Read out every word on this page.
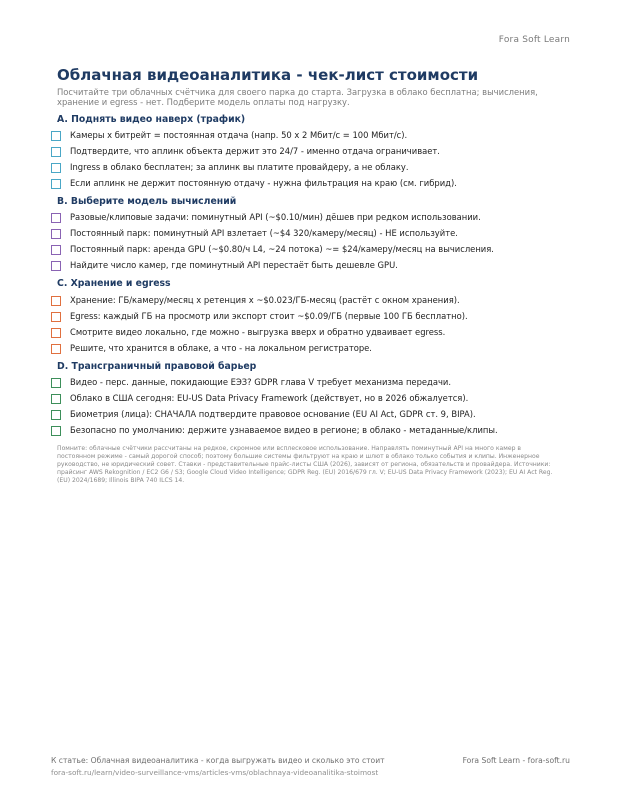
Fora Soft Learn
Облачная видеоаналитика - чек-лист стоимости

Посчитайте три облачных счётчика для своего парка до старта. Загрузка в облако бесплатна; вычисления, хранение и egress - нет. Подберите модель оплаты под нагрузку.

A. Поднять видео наверх (трафик)
Камеры x битрейт = постоянная отдача (напр. 50 x 2 Мбит/с = 100 Мбит/с).
Подтвердите, что аплинк объекта держит это 24/7 - именно отдача ограничивает.
Ingress в облако бесплатен; за аплинк вы платите провайдеру, а не облаку.
Если аплинк не держит постоянную отдачу - нужна фильтрация на краю (см. гибрид).
B. Выберите модель вычислений
Разовые/клиповые задачи: поминутный API (~$0.10/мин) дёшев при редком использовании.
Постоянный парк: поминутный API взлетает (~$4 320/камеру/месяц) - НЕ используйте.
Постоянный парк: аренда GPU (~$0.80/ч L4, ~24 потока) ~= $24/камеру/месяц на вычисления.
Найдите число камер, где поминутный API перестаёт быть дешевле GPU.
C. Хранение и egress
Хранение: ГБ/камеру/месяц x ретенция x ~$0.023/ГБ-месяц (растёт с окном хранения).
Egress: каждый ГБ на просмотр или экспорт стоит ~$0.09/ГБ (первые 100 ГБ бесплатно).
Смотрите видео локально, где можно - выгрузка вверх и обратно удваивает egress.
Решите, что хранится в облаке, а что - на локальном регистраторе.
D. Трансграничный правовой барьер
Видео - перс. данные, покидающие ЕЭЗ? GDPR глава V требует механизма передачи.
Облако в США сегодня: EU-US Data Privacy Framework (действует, но в 2026 обжалуется).
Биометрия (лица): СНАЧАЛА подтвердите правовое основание (EU AI Act, GDPR ст. 9, BIPA).
Безопасно по умолчанию: держите узнаваемое видео в регионе; в облако - метаданные/клипы.

Помните: облачные счётчики рассчитаны на редкое, скромное или всплесковое использование. Направлять поминутный API на много камер в постоянном режиме - самый дорогой способ; поэтому большие системы фильтруют на краю и шлют в облако только события и клипы. Инженерное руководство, не юридический совет. Ставки - представительные прайс-листы США (2026), зависят от региона, обязательств и провайдера. Источники: прайсинг AWS Rekognition / EC2 G6 / S3; Google Cloud Video Intelligence; GDPR Reg. (EU) 2016/679 гл. V; EU-US Data Privacy Framework (2023); EU AI Act Reg. (EU) 2024/1689; Illinois BIPA 740 ILCS 14.

К статье: Облачная видеоаналитика - когда выгружать видео и сколько это стоит
fora-soft.ru/learn/video-surveillance-vms/articles-vms/oblachnaya-videoanalitika-stoimost
Fora Soft Learn - fora-soft.ru
